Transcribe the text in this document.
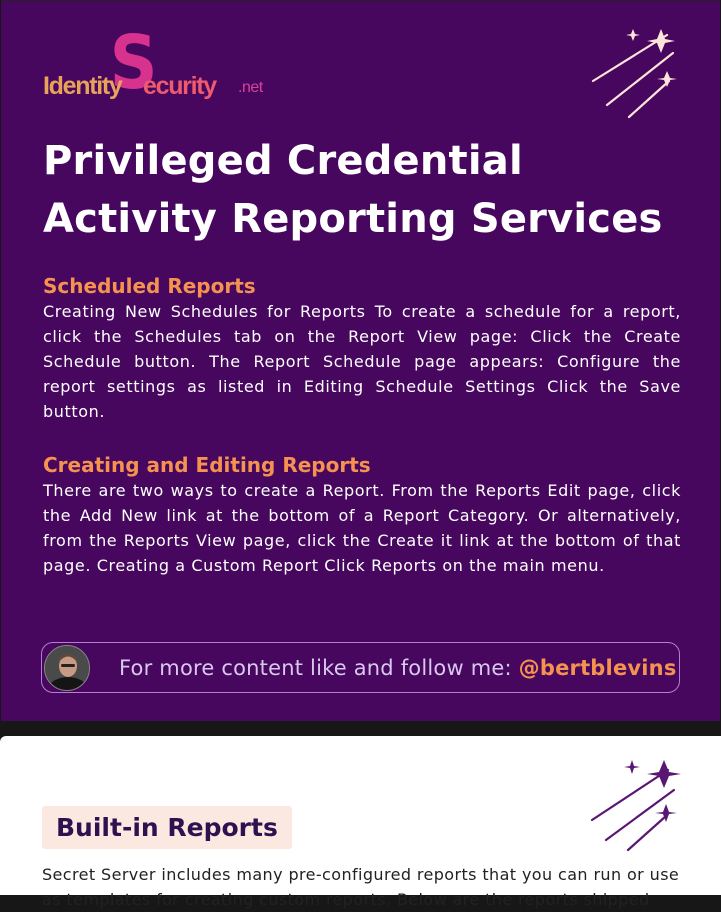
S
Identity ecurity .net
Privileged Credential Activity Reporting Services
Scheduled Reports

Creating New Schedules for Reports To create a schedule for a report, click the Schedules tab on the Report View page: Click the Create Schedule button. The Report Schedule page appears: Configure the report settings as listed in Editing Schedule Settings Click the Save button.

Creating and Editing Reports

There are two ways to create a Report. From the Reports Edit page, click the Add New link at the bottom of a Report Category. Or alternatively, from the Reports View page, click the Create it link at the bottom of that page. Creating a Custom Report Click Reports on the main menu.

For more content like and follow me: @bertblevins
Built-in Reports

Secret Server includes many pre-configured reports that you can run or use as templates for creating custom reports. Below are the reports shipped
